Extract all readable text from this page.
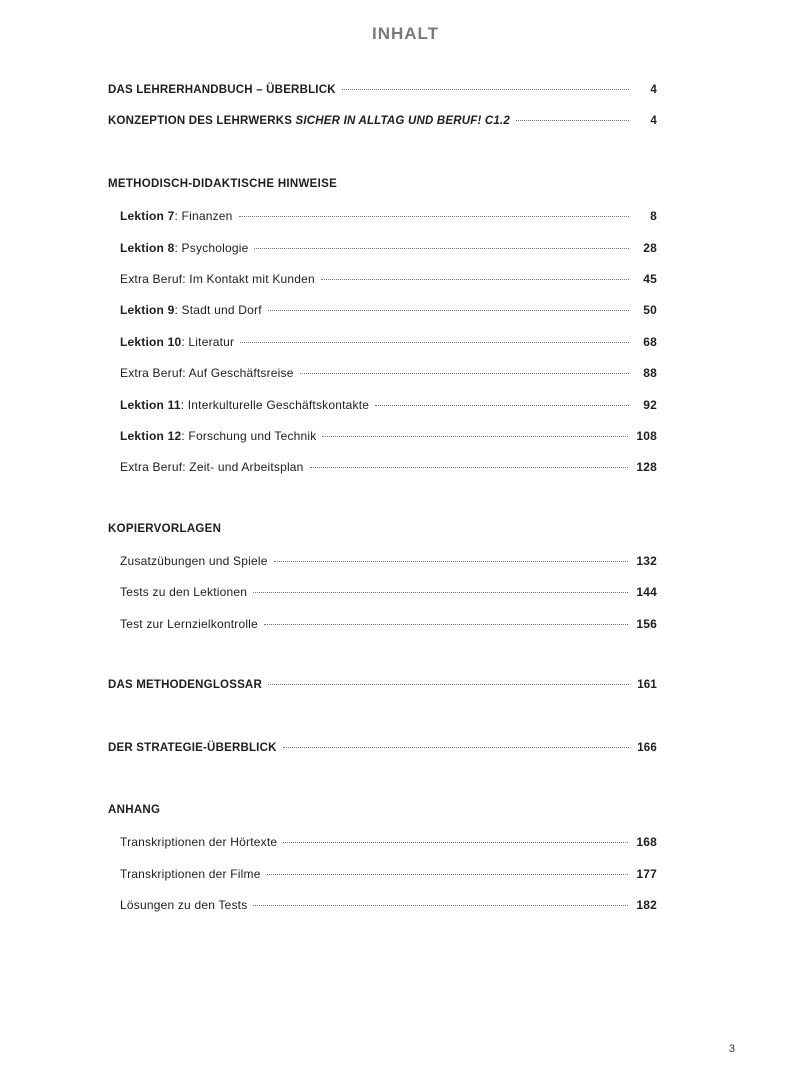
INHALT
DAS LEHRERHANDBUCH – ÜBERBLICK	4
KONZEPTION DES LEHRWERKS SICHER IN ALLTAG UND BERUF! C1.2	4
METHODISCH-DIDAKTISCHE HINWEISE
Lektion 7: Finanzen	8
Lektion 8: Psychologie	28
Extra Beruf: Im Kontakt mit Kunden	45
Lektion 9: Stadt und Dorf	50
Lektion 10: Literatur	68
Extra Beruf: Auf Geschäftsreise	88
Lektion 11: Interkulturelle Geschäftskontakte	92
Lektion 12: Forschung und Technik	108
Extra Beruf: Zeit- und Arbeitsplan	128
KOPIERVORLAGEN
Zusatzübungen und Spiele	132
Tests zu den Lektionen	144
Test zur Lernzielkontrolle	156
DAS METHODENGLOSSAR	161
DER STRATEGIE-ÜBERBLICK	166
ANHANG
Transkriptionen der Hörtexte	168
Transkriptionen der Filme	177
Lösungen zu den Tests	182
3
